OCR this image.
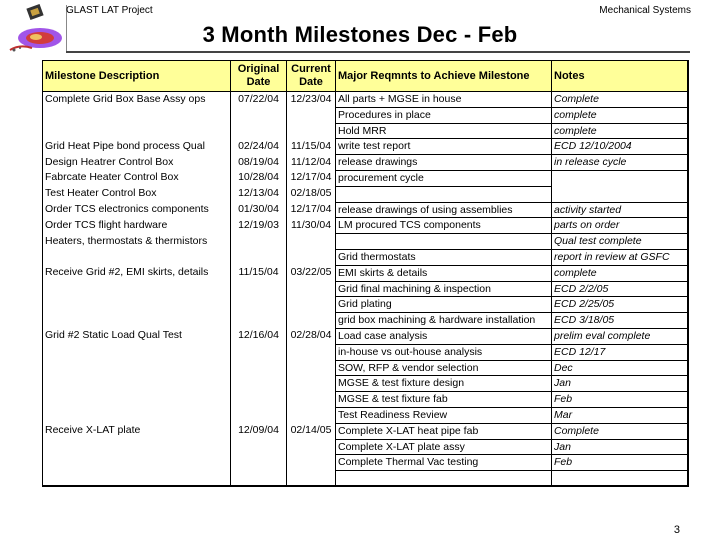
GLAST LAT Project	Mechanical Systems
3 Month Milestones Dec - Feb
Milestone Description	Original Date	Current Date	Major Reqmnts to Achieve Milestone	Notes
Complete Grid Box Base Assy ops	07/22/04	12/23/04	All parts + MGSE in house	Complete
			Procedures in place	complete
			Hold MRR	complete
Grid Heat Pipe bond process Qual	02/24/04	11/15/04	write test report	ECD 12/10/2004
Design Heatrer Control Box	08/19/04	11/12/04	release drawings	in release cycle
Fabrcate Heater Control Box	10/28/04	12/17/04	procurement cycle	
Test Heater Control Box	12/13/04	02/18/05		
Order TCS electronics components	01/30/04	12/17/04	release drawings of using assemblies	activity started
Order TCS flight hardware	12/19/03	11/30/04	LM procured TCS components	parts on order
Heaters, thermostats & thermistors				Qual test complete
			Grid thermostats	report in review at GSFC
Receive Grid #2, EMI skirts, details	11/15/04	03/22/05	EMI skirts & details	complete
			Grid final machining & inspection	ECD 2/2/05
			Grid plating	ECD 2/25/05
			grid box machining & hardware installation	ECD 3/18/05
Grid #2 Static Load Qual Test	12/16/04	02/28/04	Load case analysis	prelim eval complete
			in-house vs out-house analysis	ECD 12/17
			SOW, RFP & vendor selection	Dec
			MGSE & test fixture design	Jan
			MGSE & test fixture fab	Feb
			Test Readiness Review	Mar
Receive X-LAT plate	12/09/04	02/14/05	Complete X-LAT heat pipe fab	Complete
			Complete X-LAT plate assy	Jan
			Complete Thermal Vac testing	Feb

3
